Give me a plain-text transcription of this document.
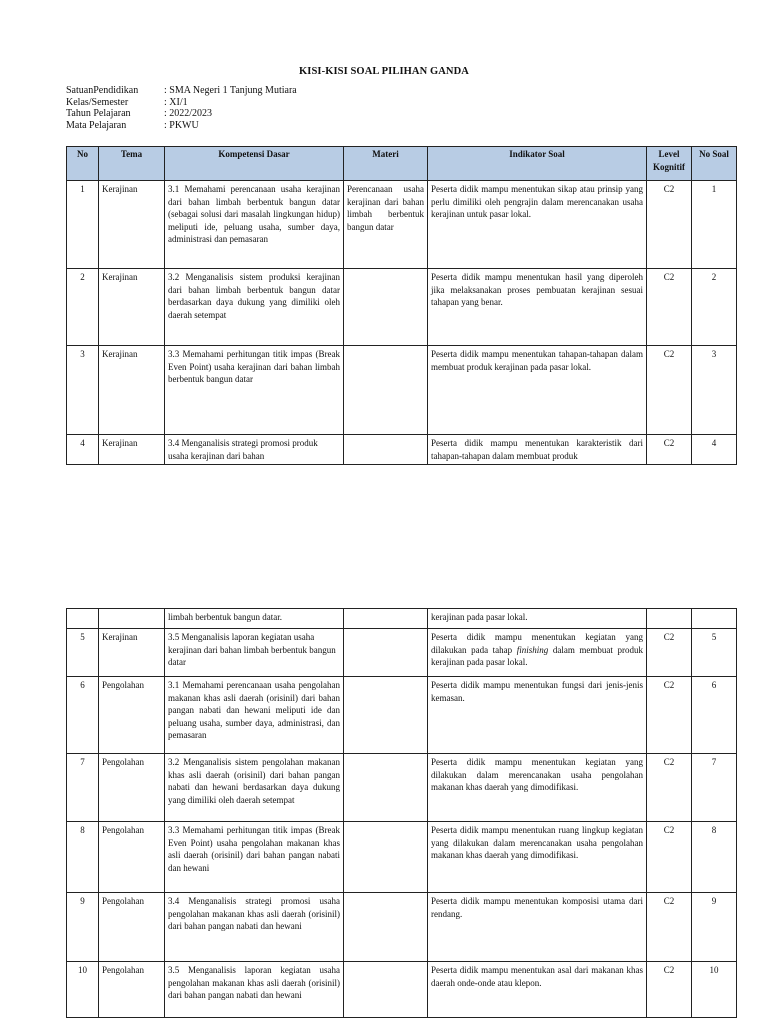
KISI-KISI SOAL PILIHAN GANDA
SatuanPendidikan	: SMA Negeri 1 Tanjung Mutiara
Kelas/Semester	: XI/1
Tahun Pelajaran	: 2022/2023
Mata Pelajaran	: PKWU
No	Tema	Kompetensi Dasar	Materi	Indikator Soal	Level Kognitif	No Soal
1	Kerajinan	3.1 Memahami perencanaan usaha kerajinan dari bahan limbah berbentuk bangun datar (sebagai solusi dari masalah lingkungan hidup) meliputi ide, peluang usaha, sumber daya, administrasi dan pemasaran	Perencanaan usaha kerajinan dari bahan limbah berbentuk bangun datar	Peserta didik mampu menentukan sikap atau prinsip yang perlu dimiliki oleh pengrajin dalam merencanakan usaha kerajinan untuk pasar lokal.	C2	1
2	Kerajinan	3.2 Menganalisis sistem produksi kerajinan dari bahan limbah berbentuk bangun datar berdasarkan daya dukung yang dimiliki oleh daerah setempat		Peserta didik mampu menentukan hasil yang diperoleh jika melaksanakan proses pembuatan kerajinan sesuai tahapan yang benar.	C2	2
3	Kerajinan	3.3 Memahami perhitungan titik impas (Break Even Point) usaha kerajinan dari bahan limbah berbentuk bangun datar		Peserta didik mampu menentukan tahapan-tahapan dalam membuat produk kerajinan pada pasar lokal.	C2	3
4	Kerajinan	3.4 Menganalisis strategi promosi produk usaha kerajinan dari bahan		Peserta didik mampu menentukan karakteristik dari tahapan-tahapan dalam membuat produk	C2	4
		limbah berbentuk bangun datar.		kerajinan pada pasar lokal.		
5	Kerajinan	3.5 Menganalisis laporan kegiatan usaha kerajinan dari bahan limbah berbentuk bangun datar		Peserta didik mampu menentukan kegiatan yang dilakukan pada tahap finishing dalam membuat produk kerajinan pada pasar lokal.	C2	5
6	Pengolahan	3.1 Memahami perencanaan usaha pengolahan makanan khas asli daerah (orisinil) dari bahan pangan nabati dan hewani meliputi ide dan peluang usaha, sumber daya, administrasi, dan pemasaran		Peserta didik mampu menentukan fungsi dari jenis-jenis kemasan.	C2	6
7	Pengolahan	3.2 Menganalisis sistem pengolahan makanan khas asli daerah (orisinil) dari bahan pangan nabati dan hewani berdasarkan daya dukung yang dimiliki oleh daerah setempat		Peserta didik mampu menentukan kegiatan yang dilakukan dalam merencanakan usaha pengolahan makanan khas daerah yang dimodifikasi.	C2	7
8	Pengolahan	3.3 Memahami perhitungan titik impas (Break Even Point) usaha pengolahan makanan khas asli daerah (orisinil) dari bahan pangan nabati dan hewani		Peserta didik mampu menentukan ruang lingkup kegiatan yang dilakukan dalam merencanakan usaha pengolahan makanan khas daerah yang dimodifikasi.	C2	8
9	Pengolahan	3.4 Menganalisis strategi promosi usaha pengolahan makanan khas asli daerah (orisinil) dari bahan pangan nabati dan hewani		Peserta didik mampu menentukan komposisi utama dari rendang.	C2	9
10	Pengolahan	3.5 Menganalisis laporan kegiatan usaha pengolahan makanan khas asli daerah (orisinil) dari bahan pangan nabati dan hewani		Peserta didik mampu menentukan asal dari makanan khas daerah onde-onde atau klepon.	C2	10
